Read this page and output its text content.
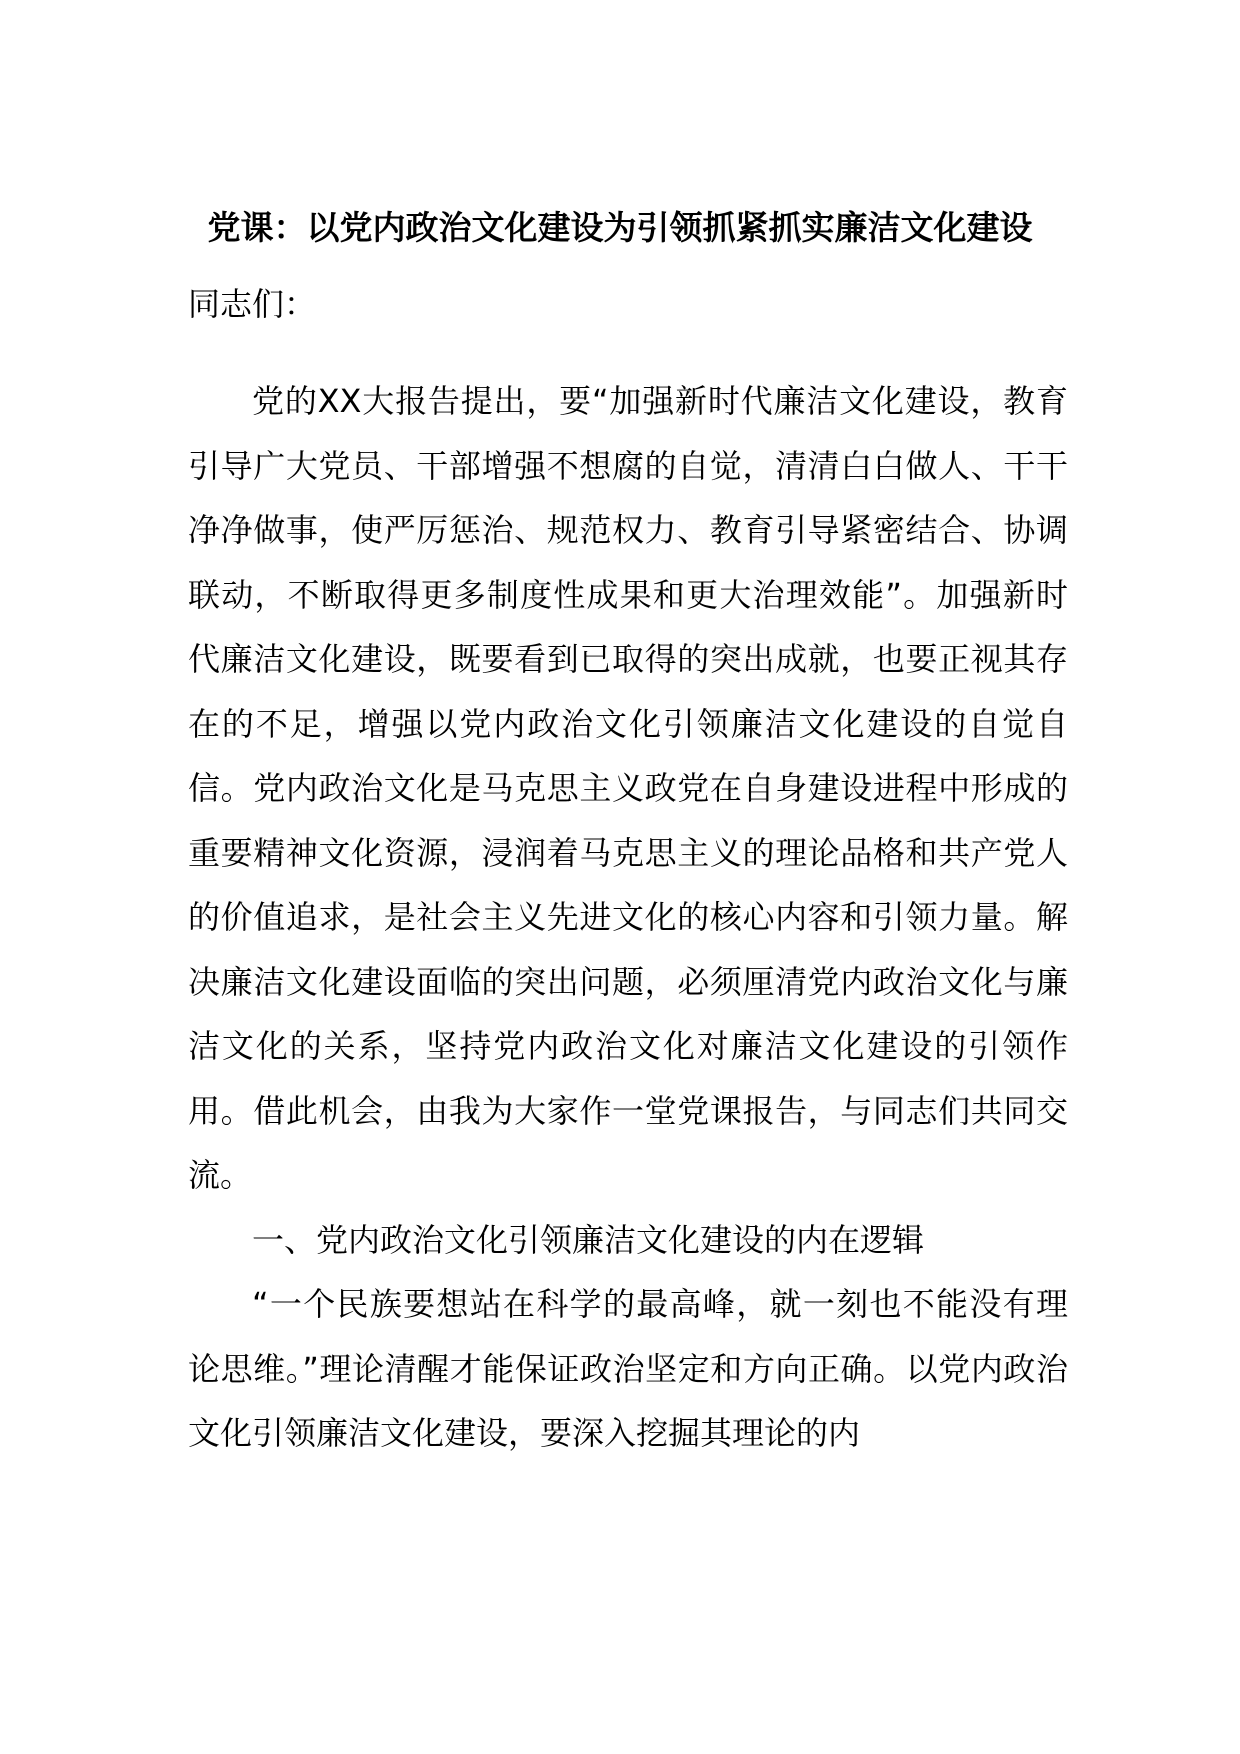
党课：以党内政治文化建设为引领抓紧抓实廉洁文化建设
同志们：

党的XX大报告提出，要“加强新时代廉洁文化建设，教育引导广大党员、干部增强不想腐的自觉，清清白白做人、干干净净做事，使严厉惩治、规范权力、教育引导紧密结合、协调联动，不断取得更多制度性成果和更大治理效能”。加强新时代廉洁文化建设，既要看到已取得的突出成就，也要正视其存在的不足，增强以党内政治文化引领廉洁文化建设的自觉自信。党内政治文化是马克思主义政党在自身建设进程中形成的重要精神文化资源，浸润着马克思主义的理论品格和共产党人的价值追求，是社会主义先进文化的核心内容和引领力量。解决廉洁文化建设面临的突出问题，必须厘清党内政治文化与廉洁文化的关系，坚持党内政治文化对廉洁文化建设的引领作用。借此机会，由我为大家作一堂党课报告，与同志们共同交流。

一、党内政治文化引领廉洁文化建设的内在逻辑

“一个民族要想站在科学的最高峰，就一刻也不能没有理论思维。”理论清醒才能保证政治坚定和方向正确。以党内政治文化引领廉洁文化建设，要深入挖掘其理论的内
